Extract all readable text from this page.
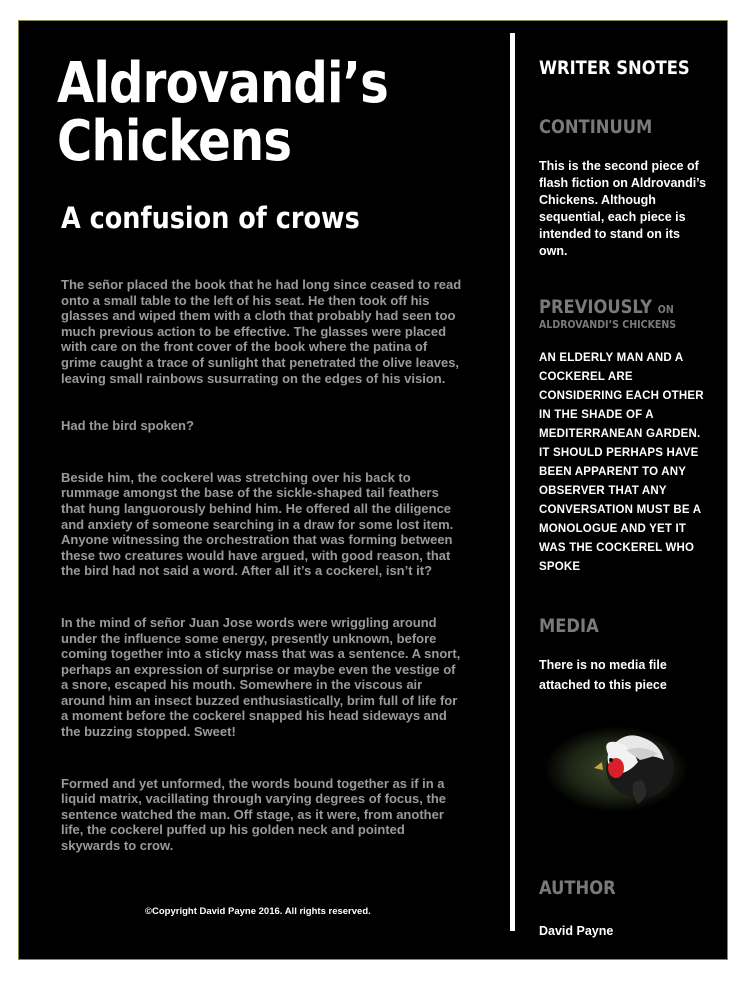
Aldrovandi’s
Chickens
A confusion of crows

The señor placed the book that he had long since ceased to read onto a small table to the left of his seat. He then took off his glasses and wiped them with a cloth that probably had seen too much previous action to be effective. The glasses were placed with care on the front cover of the book where the patina of grime caught a trace of sunlight that penetrated the olive leaves, leaving small rainbows susurrating on the edges of his vision.

Had the bird spoken?

Beside him, the cockerel was stretching over his back to rummage amongst the base of the sickle-shaped tail feathers that hung languorously behind him. He offered all the diligence and anxiety of someone searching in a draw for some lost item. Anyone witnessing the orchestration that was forming between these two creatures would have argued, with good reason, that the bird had not said a word. After all it’s a cockerel, isn’t it?

In the mind of señor Juan Jose words were wriggling around under the influence some energy, presently unknown, before coming together into a sticky mass that was a sentence. A snort, perhaps an expression of surprise or maybe even the vestige of a snore, escaped his mouth. Somewhere in the viscous air around him an insect buzzed enthusiastically, brim full of life for a moment before the cockerel snapped his head sideways and the buzzing stopped. Sweet!

Formed and yet unformed, the words bound together as if in a liquid matrix, vacillating through varying degrees of focus, the sentence watched the man. Off stage, as it were, from another life, the cockerel puffed up his golden neck and pointed skywards to crow.

©Copyright David Payne 2016. All rights reserved.
WRITER SNOTES
CONTINUUM

This is the second piece of flash fiction on Aldrovandi’s Chickens. Although sequential, each piece is intended to stand on its own.

PREVIOUSLY ON
ALDROVANDI’S CHICKENS

AN ELDERLY MAN AND A COCKEREL ARE CONSIDERING EACH OTHER IN THE SHADE OF A MEDITERRANEAN GARDEN. IT SHOULD PERHAPS HAVE BEEN APPARENT TO ANY OBSERVER THAT ANY CONVERSATION MUST BE A MONOLOGUE AND YET IT WAS THE COCKEREL WHO SPOKE

MEDIA

There is no media file attached to this piece

AUTHOR

David Payne
